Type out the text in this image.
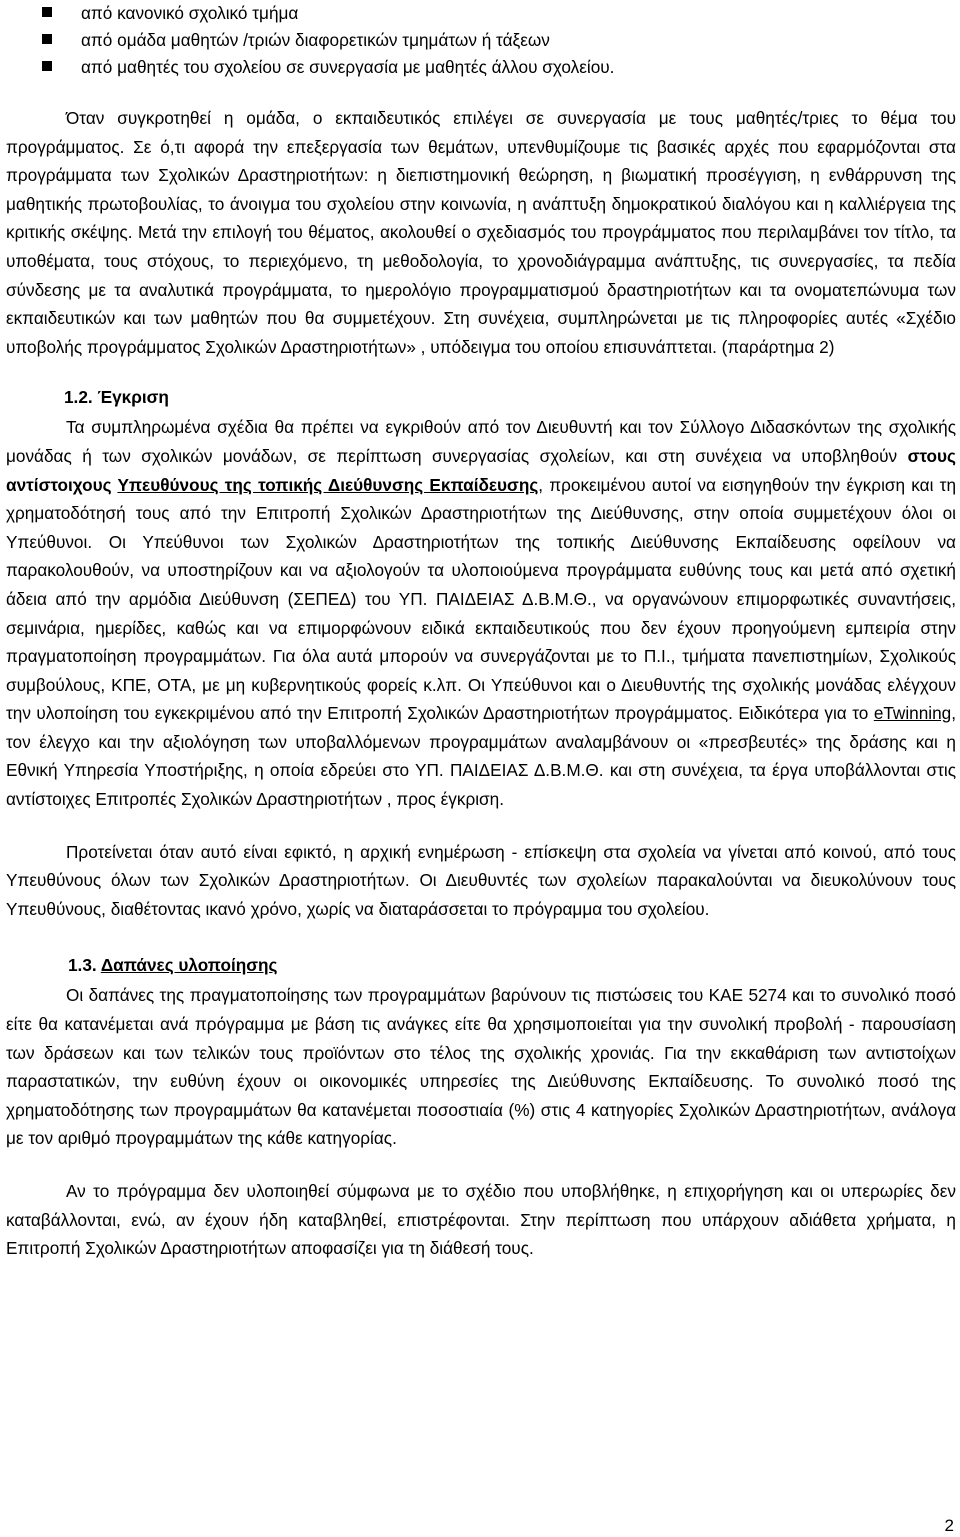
από κανονικό σχολικό τμήμα
από ομάδα μαθητών /τριών διαφορετικών τμημάτων ή τάξεων
από μαθητές του σχολείου σε συνεργασία με μαθητές άλλου σχολείου.

Όταν συγκροτηθεί η ομάδα, ο εκπαιδευτικός επιλέγει σε συνεργασία με τους μαθητές/τριες το θέμα του προγράμματος. Σε ό,τι αφορά την επεξεργασία των θεμάτων, υπενθυμίζουμε τις βασικές αρχές που εφαρμόζονται στα προγράμματα των Σχολικών Δραστηριοτήτων: η διεπιστημονική θεώρηση, η βιωματική προσέγγιση, η ενθάρρυνση της μαθητικής πρωτοβουλίας, το άνοιγμα του σχολείου στην κοινωνία, η ανάπτυξη δημοκρατικού διαλόγου και η καλλιέργεια της κριτικής σκέψης. Μετά την επιλογή του θέματος, ακολουθεί ο σχεδιασμός του προγράμματος που περιλαμβάνει τον τίτλο, τα υποθέματα, τους στόχους, το περιεχόμενο, τη μεθοδολογία, το χρονοδιάγραμμα ανάπτυξης, τις συνεργασίες, τα πεδία σύνδεσης με τα αναλυτικά προγράμματα, το ημερολόγιο προγραμματισμού δραστηριοτήτων και τα ονοματεπώνυμα των εκπαιδευτικών και των μαθητών που θα συμμετέχουν. Στη συνέχεια, συμπληρώνεται με τις πληροφορίες αυτές «Σχέδιο υποβολής προγράμματος Σχολικών Δραστηριοτήτων» , υπόδειγμα του οποίου επισυνάπτεται. (παράρτημα 2)

1.2. Έγκριση

Τα συμπληρωμένα σχέδια θα πρέπει να εγκριθούν από τον Διευθυντή και τον Σύλλογο Διδασκόντων της σχολικής μονάδας ή των σχολικών μονάδων, σε περίπτωση συνεργασίας σχολείων, και στη συνέχεια να υποβληθούν στους αντίστοιχους Υπευθύνους της τοπικής Διεύθυνσης Εκπαίδευσης, προκειμένου αυτοί να εισηγηθούν την έγκριση και τη χρηματοδότησή τους από την Επιτροπή Σχολικών Δραστηριοτήτων της Διεύθυνσης, στην οποία συμμετέχουν όλοι οι Υπεύθυνοι. Οι Υπεύθυνοι των Σχολικών Δραστηριοτήτων της τοπικής Διεύθυνσης Εκπαίδευσης οφείλουν να παρακολουθούν, να υποστηρίζουν και να αξιολογούν τα υλοποιούμενα προγράμματα ευθύνης τους και μετά από σχετική άδεια από την αρμόδια Διεύθυνση (ΣΕΠΕΔ) του ΥΠ. ΠΑΙΔΕΙΑΣ Δ.Β.Μ.Θ., να οργανώνουν επιμορφωτικές συναντήσεις, σεμινάρια, ημερίδες, καθώς και να επιμορφώνουν ειδικά εκπαιδευτικούς που δεν έχουν προηγούμενη εμπειρία στην πραγματοποίηση προγραμμάτων. Για όλα αυτά μπορούν να συνεργάζονται με το Π.Ι., τμήματα πανεπιστημίων, Σχολικούς συμβούλους, ΚΠΕ, ΟΤΑ, με μη κυβερνητικούς φορείς κ.λπ. Οι Υπεύθυνοι και ο Διευθυντής της σχολικής μονάδας ελέγχουν την υλοποίηση του εγκεκριμένου από την Επιτροπή Σχολικών Δραστηριοτήτων προγράμματος. Ειδικότερα για το eTwinning, τον έλεγχο και την αξιολόγηση των υποβαλλόμενων προγραμμάτων αναλαμβάνουν οι «πρεσβευτές» της δράσης και η Εθνική Υπηρεσία Υποστήριξης, η οποία εδρεύει στο ΥΠ. ΠΑΙΔΕΙΑΣ Δ.Β.Μ.Θ. και στη συνέχεια, τα έργα υποβάλλονται στις αντίστοιχες Επιτροπές Σχολικών Δραστηριοτήτων , προς έγκριση.

Προτείνεται όταν αυτό είναι εφικτό, η αρχική ενημέρωση - επίσκεψη στα σχολεία να γίνεται από κοινού, από τους Υπευθύνους όλων των Σχολικών Δραστηριοτήτων. Οι Διευθυντές των σχολείων παρακαλούνται να διευκολύνουν τους Υπευθύνους, διαθέτοντας ικανό χρόνο, χωρίς να διαταράσσεται το πρόγραμμα του σχολείου.

1.3. Δαπάνες υλοποίησης

Οι δαπάνες της πραγματοποίησης των προγραμμάτων βαρύνουν τις πιστώσεις του ΚΑΕ 5274 και το συνολικό ποσό είτε θα κατανέμεται ανά πρόγραμμα με βάση τις ανάγκες είτε θα χρησιμοποιείται για την συνολική προβολή - παρουσίαση των δράσεων και των τελικών τους προϊόντων στο τέλος της σχολικής χρονιάς. Για την εκκαθάριση των αντιστοίχων παραστατικών, την ευθύνη έχουν οι οικονομικές υπηρεσίες της Διεύθυνσης Εκπαίδευσης. Το συνολικό ποσό της χρηματοδότησης των προγραμμάτων θα κατανέμεται ποσοστιαία (%) στις 4 κατηγορίες Σχολικών Δραστηριοτήτων, ανάλογα με τον αριθμό προγραμμάτων της κάθε κατηγορίας.

Αν το πρόγραμμα δεν υλοποιηθεί σύμφωνα με το σχέδιο που υποβλήθηκε, η επιχορήγηση και οι υπερωρίες δεν καταβάλλονται, ενώ, αν έχουν ήδη καταβληθεί, επιστρέφονται. Στην περίπτωση που υπάρχουν αδιάθετα χρήματα, η Επιτροπή Σχολικών Δραστηριοτήτων αποφασίζει για τη διάθεσή τους.

2
